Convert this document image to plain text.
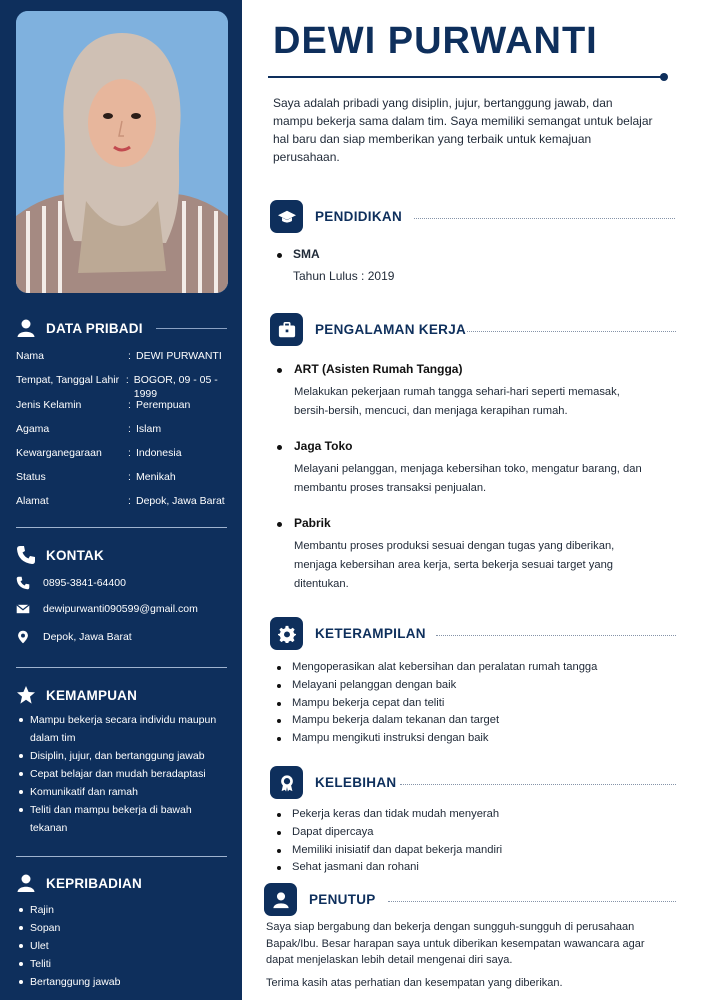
DATA PRIBADI
Nama	: DEWI PURWANTI
Tempat, Tanggal Lahir : BOGOR, 09 - 05 - 1999
Jenis Kelamin	: Perempuan
Agama	: Islam
Kewarganegaraan	: Indonesia
Status	: Menikah
Alamat	: Depok, Jawa Barat
KONTAK
0895-3841-64400
dewipurwanti090599@gmail.com
Depok, Jawa Barat
KEMAMPUAN
Mampu bekerja secara individu maupun dalam tim
Disiplin, jujur, dan bertanggung jawab
Cepat belajar dan mudah beradaptasi
Komunikatif dan ramah
Teliti dan mampu bekerja di bawah tekanan
KEPRIBADIAN
Rajin
Sopan
Ulet
Teliti
Bertanggung jawab
DEWI PURWANTI

Saya adalah pribadi yang disiplin, jujur, bertanggung jawab, dan mampu bekerja sama dalam tim. Saya memiliki semangat untuk belajar hal baru dan siap memberikan yang terbaik untuk kemajuan perusahaan.

PENDIDIKAN
SMA
Tahun Lulus : 2019
PENGALAMAN KERJA
ART (Asisten Rumah Tangga)
Melakukan pekerjaan rumah tangga sehari-hari seperti memasak, bersih-bersih, mencuci, dan menjaga kerapihan rumah.
Jaga Toko
Melayani pelanggan, menjaga kebersihan toko, mengatur barang, dan membantu proses transaksi penjualan.
Pabrik
Membantu proses produksi sesuai dengan tugas yang diberikan, menjaga kebersihan area kerja, serta bekerja sesuai target yang ditentukan.
KETERAMPILAN
Mengoperasikan alat kebersihan dan peralatan rumah tangga
Melayani pelanggan dengan baik
Mampu bekerja cepat dan teliti
Mampu bekerja dalam tekanan dan target
Mampu mengikuti instruksi dengan baik
KELEBIHAN
Pekerja keras dan tidak mudah menyerah
Dapat dipercaya
Memiliki inisiatif dan dapat bekerja mandiri
Sehat jasmani dan rohani
PENUTUP

Saya siap bergabung dan bekerja dengan sungguh-sungguh di perusahaan Bapak/Ibu. Besar harapan saya untuk diberikan kesempatan wawancara agar dapat menjelaskan lebih detail mengenai diri saya.

Terima kasih atas perhatian dan kesempatan yang diberikan.
